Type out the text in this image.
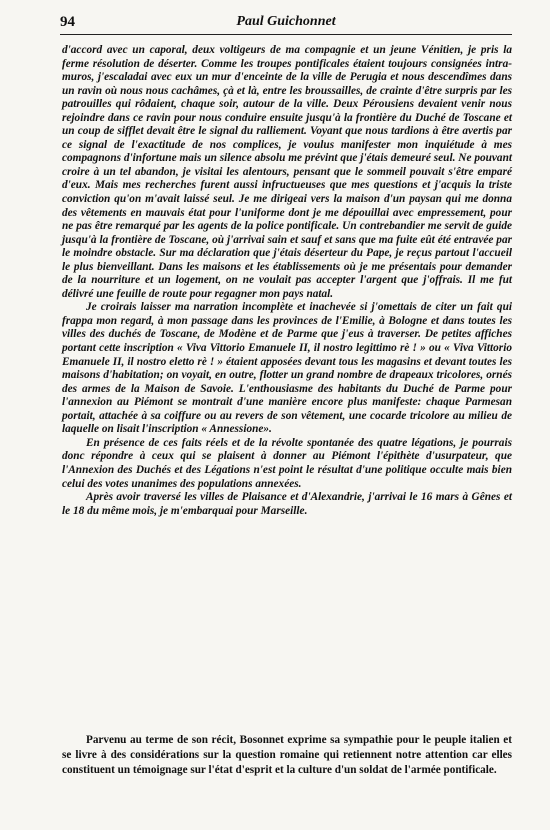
94	Paul Guichonnet

d'accord avec un caporal, deux voltigeurs de ma compagnie et un jeune Vénitien, je pris la ferme résolution de déserter. Comme les troupes pontificales étaient toujours consignées intra-muros, j'escaladai avec eux un mur d'enceinte de la ville de Perugia et nous descendîmes dans un ravin où nous nous cachâmes, çà et là, entre les broussailles, de crainte d'être surpris par les patrouilles qui rôdaient, chaque soir, autour de la ville. Deux Pérousiens devaient venir nous rejoindre dans ce ravin pour nous conduire ensuite jusqu'à la frontière du Duché de Toscane et un coup de sifflet devait être le signal du ralliement. Voyant que nous tardions à être avertis par ce signal de l'exactitude de nos complices, je voulus manifester mon inquiétude à mes compagnons d'infortune mais un silence absolu me prévint que j'étais demeuré seul. Ne pouvant croire à un tel abandon, je visitai les alentours, pensant que le sommeil pouvait s'être emparé d'eux. Mais mes recherches furent aussi infructueuses que mes questions et j'acquis la triste conviction qu'on m'avait laissé seul. Je me dirigeai vers la maison d'un paysan qui me donna des vêtements en mauvais état pour l'uniforme dont je me dépouillai avec empressement, pour ne pas être remarqué par les agents de la police pontificale. Un contrebandier me servit de guide jusqu'à la frontière de Toscane, où j'arrivai sain et sauf et sans que ma fuite eût été entravée par le moindre obstacle. Sur ma déclaration que j'étais déserteur du Pape, je reçus partout l'accueil le plus bienveillant. Dans les maisons et les établissements où je me présentais pour demander de la nourriture et un logement, on ne voulait pas accepter l'argent que j'offrais. Il me fut délivré une feuille de route pour regagner mon pays natal.

Je croirais laisser ma narration incomplète et inachevée si j'omettais de citer un fait qui frappa mon regard, à mon passage dans les provinces de l'Emilie, à Bologne et dans toutes les villes des duchés de Toscane, de Modène et de Parme que j'eus à traverser. De petites affiches portant cette inscription « Viva Vittorio Emanuele II, il nostro legittimo rè ! » ou « Viva Vittorio Emanuele II, il nostro eletto rè ! » étaient apposées devant tous les magasins et devant toutes les maisons d'habitation; on voyait, en outre, flotter un grand nombre de drapeaux tricolores, ornés des armes de la Maison de Savoie. L'enthousiasme des habitants du Duché de Parme pour l'annexion au Piémont se montrait d'une manière encore plus manifeste: chaque Parmesan portait, attachée à sa coiffure ou au revers de son vêtement, une cocarde tricolore au milieu de laquelle on lisait l'inscription « Annessione».

En présence de ces faits réels et de la révolte spontanée des quatre légations, je pourrais donc répondre à ceux qui se plaisent à donner au Piémont l'épithète d'usurpateur, que l'Annexion des Duchés et des Légations n'est point le résultat d'une politique occulte mais bien celui des votes unanimes des populations annexées.

Après avoir traversé les villes de Plaisance et d'Alexandrie, j'arrivai le 16 mars à Gênes et le 18 du même mois, je m'embarquai pour Marseille.

Parvenu au terme de son récit, Bosonnet exprime sa sympathie pour le peuple italien et se livre à des considérations sur la question romaine qui retiennent notre attention car elles constituent un témoignage sur l'état d'esprit et la culture d'un soldat de l'armée pontificale.
